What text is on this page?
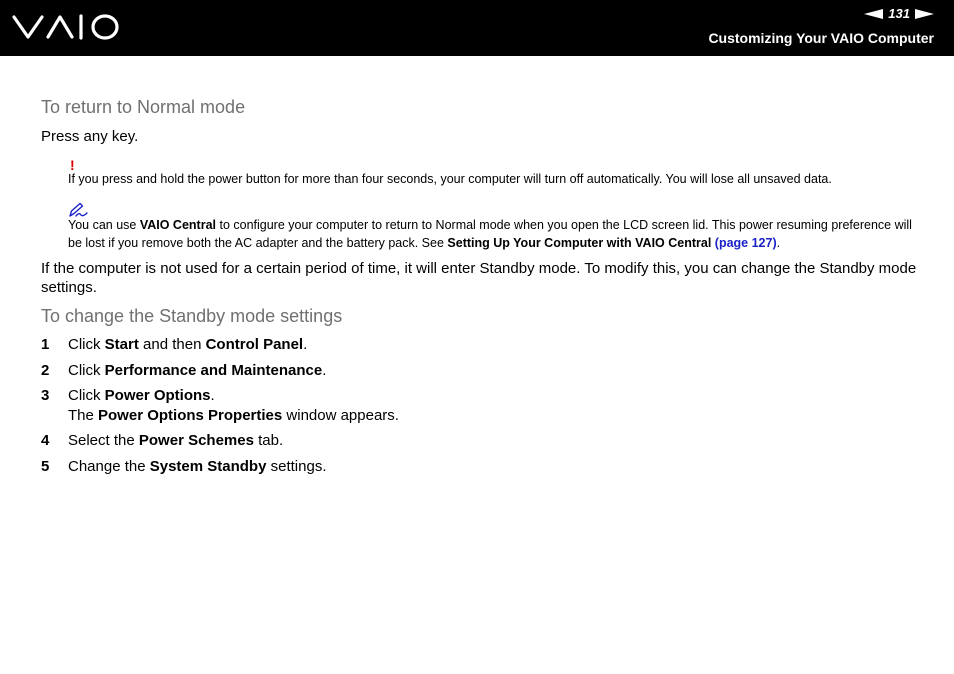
131
Customizing Your VAIO Computer
To return to Normal mode
Press any key.
!
If you press and hold the power button for more than four seconds, your computer will turn off automatically. You will lose all unsaved data.
You can use VAIO Central to configure your computer to return to Normal mode when you open the LCD screen lid. This power resuming preference will be lost if you remove both the AC adapter and the battery pack. See Setting Up Your Computer with VAIO Central (page 127).
If the computer is not used for a certain period of time, it will enter Standby mode. To modify this, you can change the Standby mode settings.
To change the Standby mode settings
1 Click Start and then Control Panel.
2 Click Performance and Maintenance.
3 Click Power Options.
The Power Options Properties window appears.
4 Select the Power Schemes tab.
5 Change the System Standby settings.
